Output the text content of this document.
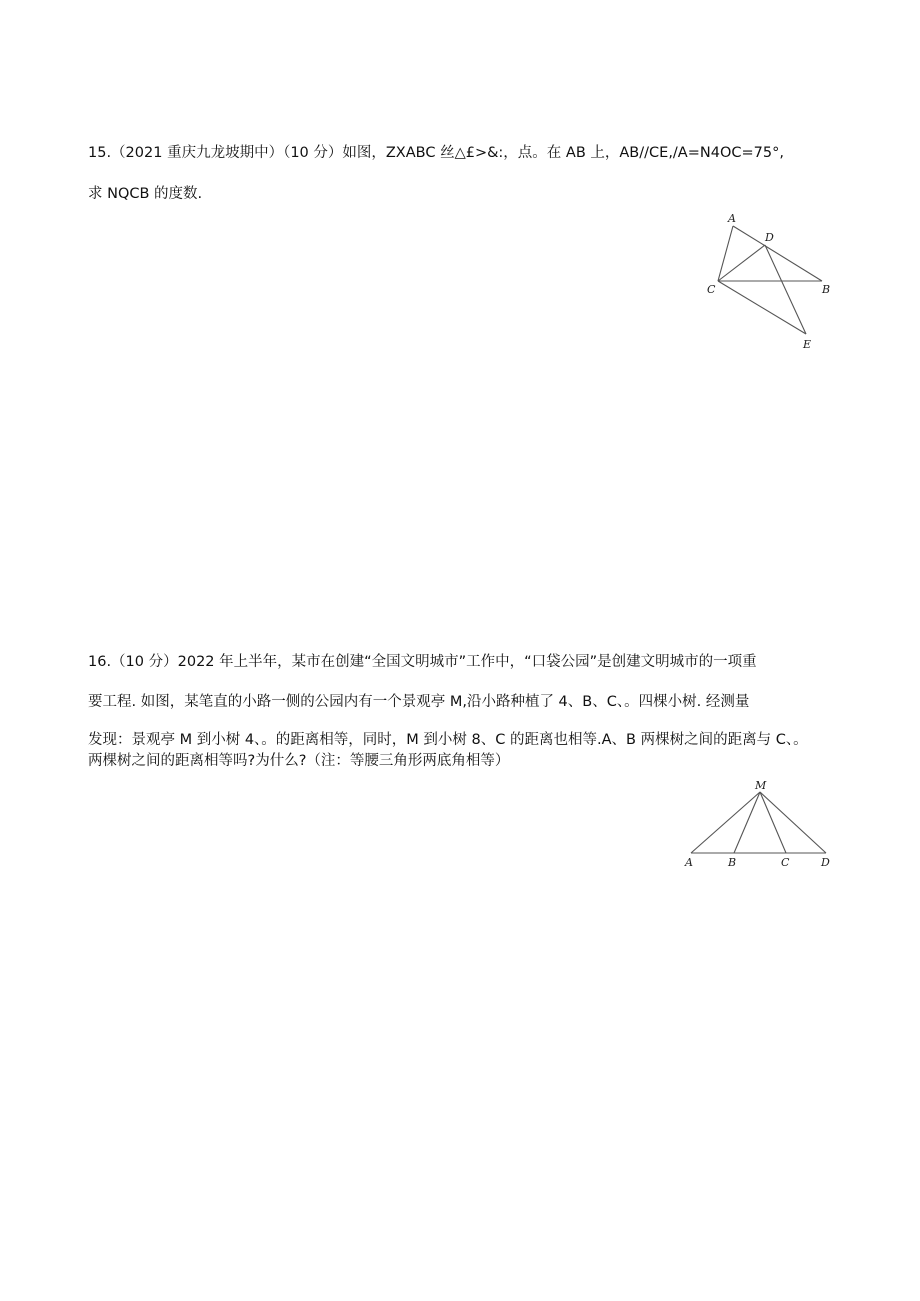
15.（2021 重庆九龙坡期中）（10 分）如图，ZXABC 丝△£>&:，点。在 AB 上，AB//CE,/A=N4OC=75°,
求 NQCB 的度数.
A
D
C	B
E
16.（10 分）2022 年上半年，某市在创建“全国文明城市”工作中，“口袋公园”是创建文明城市的一项重
要工程. 如图，某笔直的小路一侧的公园内有一个景观亭 M,沿小路种植了 4、B、C、。四棵小树. 经测量
发现：景观亭 M 到小树 4、。的距离相等，同时，M 到小树 8、C 的距离也相等.A、B 两棵树之间的距离与 C、。
两棵树之间的距离相等吗?为什么?（注：等腰三角形两底角相等）
M
A	B	C	D
